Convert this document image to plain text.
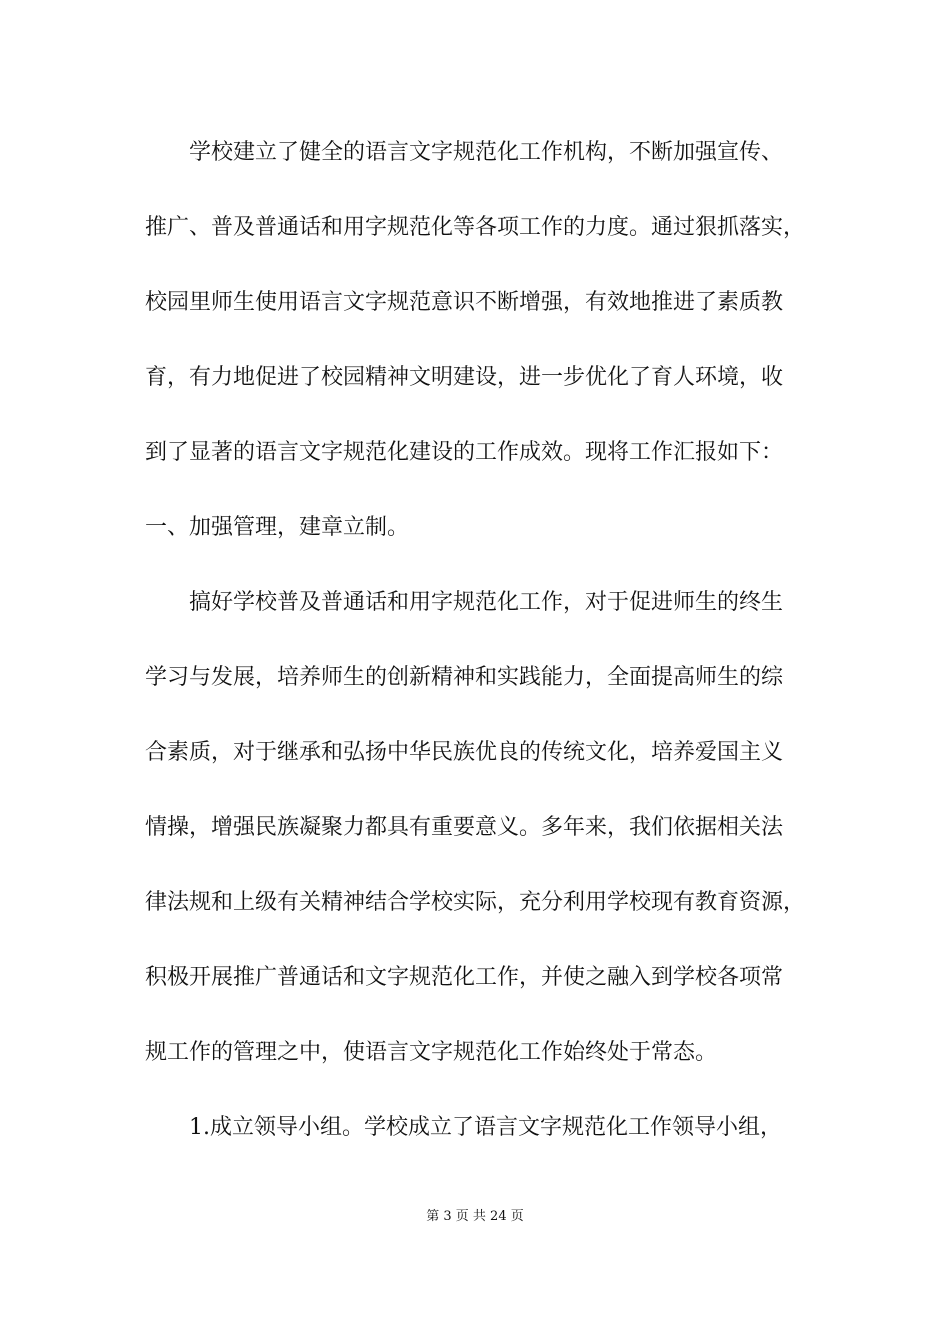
　　学校建立了健全的语言文字规范化工作机构，不断加强宣传、
推广、普及普通话和用字规范化等各项工作的力度。通过狠抓落实，
校园里师生使用语言文字规范意识不断增强，有效地推进了素质教
育，有力地促进了校园精神文明建设，进一步优化了育人环境，收
到了显著的语言文字规范化建设的工作成效。现将工作汇报如下：
一、加强管理，建章立制。
　　搞好学校普及普通话和用字规范化工作，对于促进师生的终生
学习与发展，培养师生的创新精神和实践能力，全面提高师生的综
合素质，对于继承和弘扬中华民族优良的传统文化，培养爱国主义
情操，增强民族凝聚力都具有重要意义。多年来，我们依据相关法
律法规和上级有关精神结合学校实际，充分利用学校现有教育资源，
积极开展推广普通话和文字规范化工作，并使之融入到学校各项常
规工作的管理之中，使语言文字规范化工作始终处于常态。
　　1.成立领导小组。学校成立了语言文字规范化工作领导小组，
第 3 页 共 24 页
